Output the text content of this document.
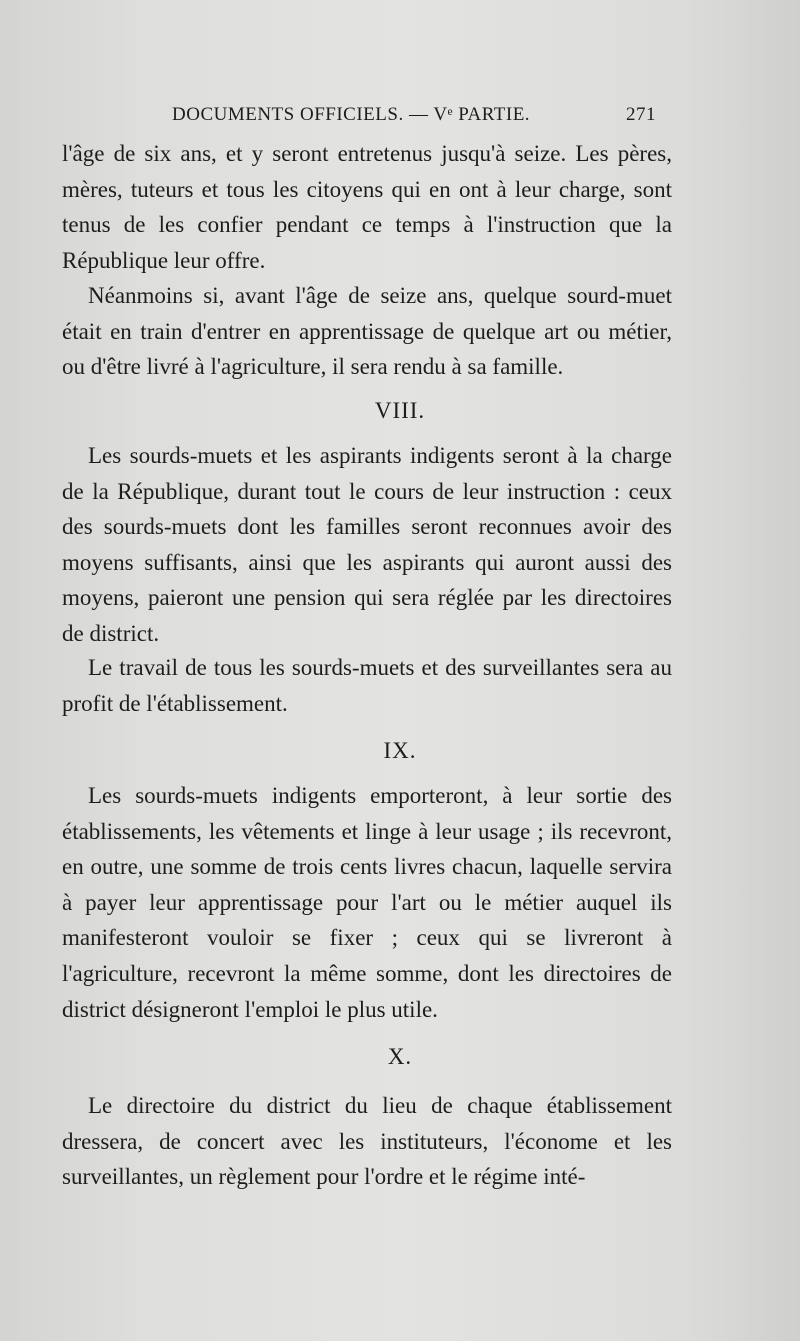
DOCUMENTS OFFICIELS. — Vᵉ PARTIE.	271

l'âge de six ans, et y seront entretenus jusqu'à seize. Les pères, mères, tuteurs et tous les citoyens qui en ont à leur charge, sont tenus de les confier pendant ce temps à l'instruction que la République leur offre.

Néanmoins si, avant l'âge de seize ans, quelque sourd-muet était en train d'entrer en apprentissage de quelque art ou métier, ou d'être livré à l'agriculture, il sera rendu à sa famille.

VIII.

Les sourds-muets et les aspirants indigents seront à la charge de la République, durant tout le cours de leur instruction : ceux des sourds-muets dont les familles seront reconnues avoir des moyens suffisants, ainsi que les aspirants qui auront aussi des moyens, paieront une pension qui sera réglée par les directoires de district.

Le travail de tous les sourds-muets et des surveillantes sera au profit de l'établissement.

IX.

Les sourds-muets indigents emporteront, à leur sortie des établissements, les vêtements et linge à leur usage ; ils recevront, en outre, une somme de trois cents livres chacun, laquelle servira à payer leur apprentissage pour l'art ou le métier auquel ils manifesteront vouloir se fixer ; ceux qui se livreront à l'agriculture, recevront la même somme, dont les directoires de district désigneront l'emploi le plus utile.

X.

Le directoire du district du lieu de chaque établissement dressera, de concert avec les instituteurs, l'économe et les surveillantes, un règlement pour l'ordre et le régime inté-
